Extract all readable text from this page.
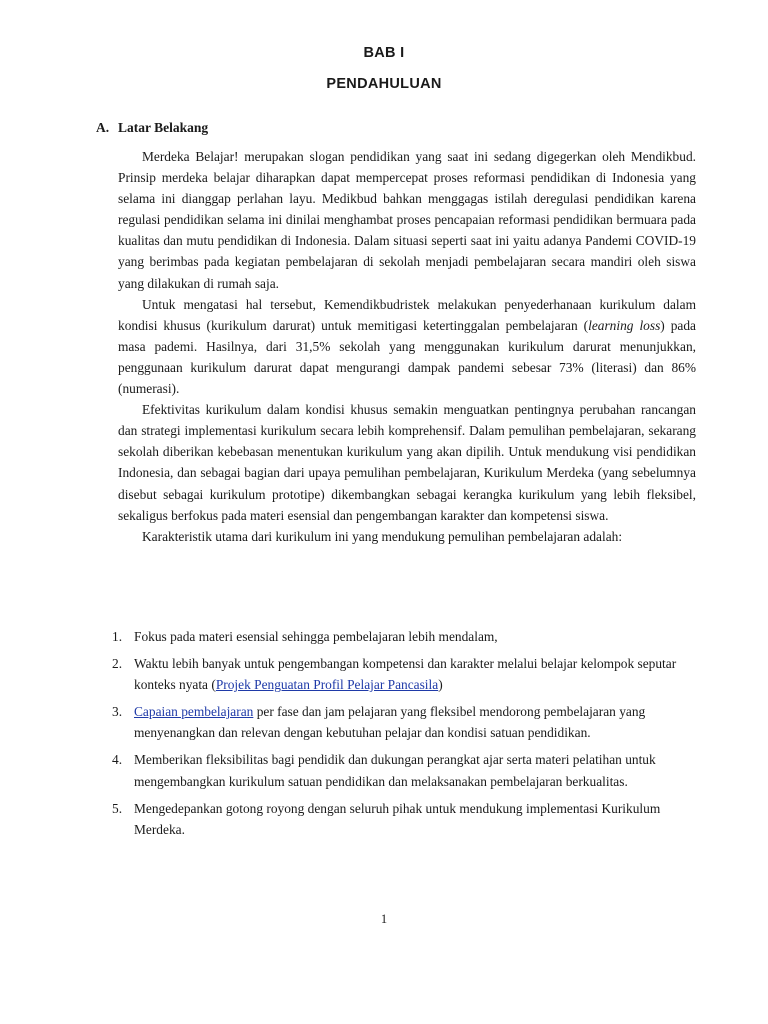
BAB I
PENDAHULUAN
A. Latar Belakang

Merdeka Belajar! merupakan slogan pendidikan yang saat ini sedang digegerkan oleh Mendikbud. Prinsip merdeka belajar diharapkan dapat mempercepat proses reformasi pendidikan di Indonesia yang selama ini dianggap perlahan layu. Medikbud bahkan menggagas istilah deregulasi pendidikan karena regulasi pendidikan selama ini dinilai menghambat proses pencapaian reformasi pendidikan bermuara pada kualitas dan mutu pendidikan di Indonesia. Dalam situasi seperti saat ini yaitu adanya Pandemi COVID-19 yang berimbas pada kegiatan pembelajaran di sekolah menjadi pembelajaran secara mandiri oleh siswa yang dilakukan di rumah saja.

Untuk mengatasi hal tersebut, Kemendikbudristek melakukan penyederhanaan kurikulum dalam kondisi khusus (kurikulum darurat) untuk memitigasi ketertinggalan pembelajaran (learning loss) pada masa pademi. Hasilnya, dari 31,5% sekolah yang menggunakan kurikulum darurat menunjukkan, penggunaan kurikulum darurat dapat mengurangi dampak pandemi sebesar 73% (literasi) dan 86% (numerasi).

Efektivitas kurikulum dalam kondisi khusus semakin menguatkan pentingnya perubahan rancangan dan strategi implementasi kurikulum secara lebih komprehensif. Dalam pemulihan pembelajaran, sekarang sekolah diberikan kebebasan menentukan kurikulum yang akan dipilih. Untuk mendukung visi pendidikan Indonesia, dan sebagai bagian dari upaya pemulihan pembelajaran, Kurikulum Merdeka (yang sebelumnya disebut sebagai kurikulum prototipe) dikembangkan sebagai kerangka kurikulum yang lebih fleksibel, sekaligus berfokus pada materi esensial dan pengembangan karakter dan kompetensi siswa.

Karakteristik utama dari kurikulum ini yang mendukung pemulihan pembelajaran adalah:

1. Fokus pada materi esensial sehingga pembelajaran lebih mendalam,
2. Waktu lebih banyak untuk pengembangan kompetensi dan karakter melalui belajar kelompok seputar konteks nyata (Projek Penguatan Profil Pelajar Pancasila)
3. Capaian pembelajaran per fase dan jam pelajaran yang fleksibel mendorong pembelajaran yang menyenangkan dan relevan dengan kebutuhan pelajar dan kondisi satuan pendidikan.
4. Memberikan fleksibilitas bagi pendidik dan dukungan perangkat ajar serta materi pelatihan untuk mengembangkan kurikulum satuan pendidikan dan melaksanakan pembelajaran berkualitas.
5. Mengedepankan gotong royong dengan seluruh pihak untuk mendukung implementasi Kurikulum Merdeka.
1
